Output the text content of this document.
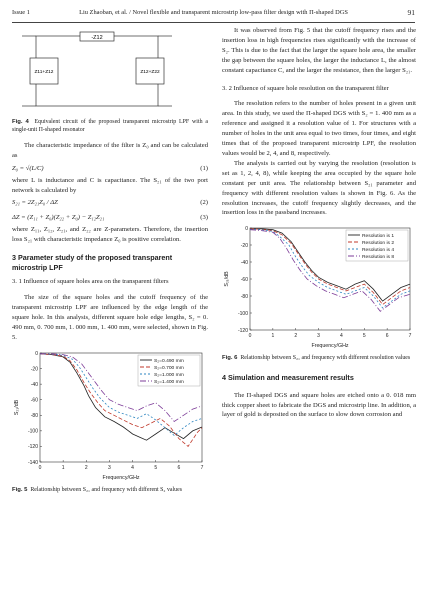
Issue 1	Liu Zhaoban, et al. / Novel flexible and transparent microstrip low-pass filter design with Π-shaped DGS	91
-Z12
Z11+Z12	Z12+Z22

Fig. 4 Equivalent circuit of the proposed transparent microstrip LPF with a single-unit Π-shaped resonator

The characteristic impedance of the filter is Z₀ and can be calculated as

Z₀ = √(L/C)	(1)

where L is inductance and C is capacitance. The S₂₁ of the two port network is calculated by

S₂₁ = 2Z₂₁Z₀ / ΔZ	(2)
ΔZ = (Z₁₁ + Z₀)(Z₂₂ + Z₀) − Z₁₂Z₂₁	(3)

where Z₁₁, Z₁₂, Z₂₁, and Z₂₂ are Z-parameters. Therefore, the insertion loss S₂₁ with characteristic impedance Z₀ is positive correlation.

3 Parameter study of the proposed transparent microstrip LPF
3. 1 Influence of square holes area on the transparent filters

The size of the square holes and the cutoff frequency of the transparent microstrip LPF are influenced by the edge length of the square hole. In this analysis, different square hole edge lengths, S₂ = 0. 490 mm, 0. 700 mm, 1. 000 mm, 1. 400 mm, were selected, shown in Fig. 5.

0	1	2	3	4	5	6	7
0
-20
-40
-60
-80
-100
-120
-140
Frequency/GHz
S₂₁/dB
S₂=0.490 mm
S₂=0.700 mm
S₂=1.000 mm
S₂=1.400 mm

Fig. 5 Relationship between S₂₁ and frequency with different S₂ values

It was observed from Fig. 5 that the cutoff frequency rises and the insertion loss in high frequencies rises significantly with the increase of S₂. This is due to the fact that the larger the square hole area, the smaller the gap between the square holes, the larger the inductance L, the almost constant capacitance C, and the larger the resistance, then the larger S₂₁.

3. 2 Influence of square hole resolution on the transparent filter

The resolution refers to the number of holes present in a given unit area. In this study, we used the Π-shaped DGS with S₂ = 1. 400 mm as a reference and assigned it a resolution value of 1. For structures with a number of holes in the unit area equal to two times, four times, and eight times that of the proposed transparent microstrip LPF, the resolution values would be 2, 4, and 8, respectively.

The analysis is carried out by varying the resolution (resolution is set as 1, 2, 4, 8), while keeping the area occupied by the square hole constant per unit area. The relationship between S₂₁ parameter and frequency with different resolution values is shown in Fig. 6. As the resolution increases, the cutoff frequency slightly decreases, and the insertion loss in the passband increases.

0	1	2	3	4	5	6	7
0
-20
-40
-60
-80
-100
-120
Frequency/GHz
S₂₁/dB
Resolution is 1
Resolution is 2
Resolution is 4
Resolution is 8

Fig. 6 Relationship between S₂₁ and frequency with different resolution values

4 Simulation and measurement results

The Π-shaped DGS and square holes are etched onto a 0. 018 mm thick copper sheet to fabricate the DGS and microstrip line. In addition, a layer of gold is deposited on the surface to slow down corrosion and
